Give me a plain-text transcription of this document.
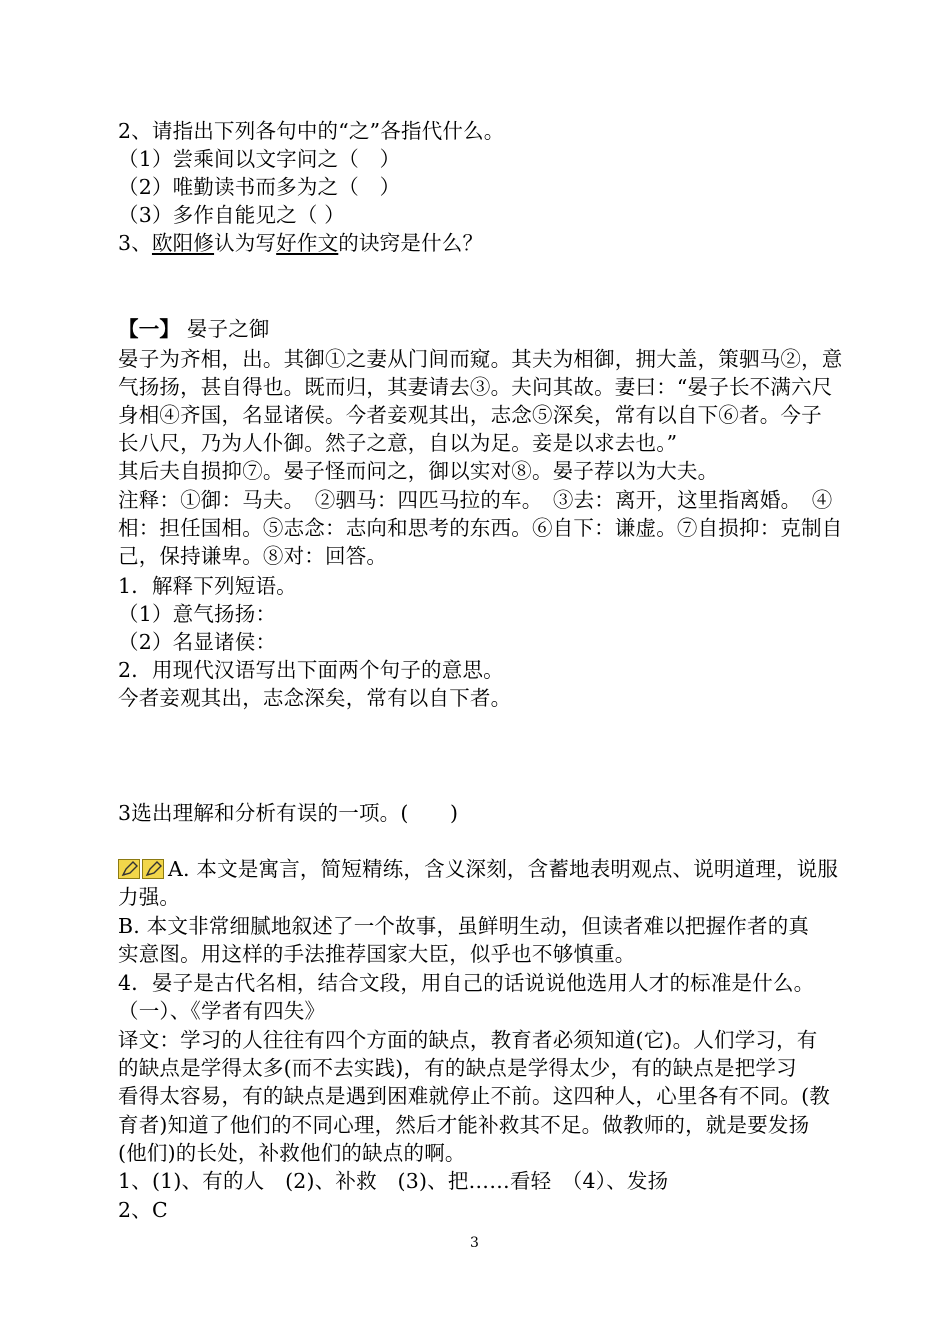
2、请指出下列各句中的“之”各指代什么。
（1）尝乘间以文字问之（　）
（2）唯勤读书而多为之（　）
（3）多作自能见之（ ）
3、欧阳修认为写好作文的诀窍是什么？
【一】 晏子之御
晏子为齐相，出。其御①之妻从门间而窥。其夫为相御，拥大盖，策驷马②，意
气扬扬，甚自得也。既而归，其妻请去③。夫问其故。妻曰：“晏子长不满六尺
身相④齐国，名显诸侯。今者妾观其出，志念⑤深矣，常有以自下⑥者。今子
长八尺，乃为人仆御。然子之意，自以为足。妾是以求去也。”
其后夫自损抑⑦。晏子怪而问之，御以实对⑧。晏子荐以为大夫。
注释：①御：马夫。　②驷马：四匹马拉的车。　③去：离开，这里指离婚。　④
相：担任国相。⑤志念：志向和思考的东西。⑥自下：谦虚。⑦自损抑：克制自
己，保持谦卑。⑧对：回答。
1．解释下列短语。
（1）意气扬扬：
（2）名显诸侯：
2．用现代汉语写出下面两个句子的意思。
今者妾观其出，志念深矣，常有以自下者。
3选出理解和分析有误的一项。(　　)
A. 本文是寓言，简短精练，含义深刻，含蓄地表明观点、说明道理，说服
力强。
B. 本文非常细腻地叙述了一个故事，虽鲜明生动，但读者难以把握作者的真
实意图。用这样的手法推荐国家大臣，似乎也不够慎重。
4．晏子是古代名相，结合文段，用自己的话说说他选用人才的标准是什么。
（一）、《学者有四失》
译文：学习的人往往有四个方面的缺点，教育者必须知道(它)。人们学习，有
的缺点是学得太多(而不去实践)，有的缺点是学得太少，有的缺点是把学习
看得太容易，有的缺点是遇到困难就停止不前。这四种人，心里各有不同。(教
育者)知道了他们的不同心理，然后才能补救其不足。做教师的，就是要发扬
(他们)的长处，补救他们的缺点的啊。
1、(1)、有的人　(2)、补救　(3)、把……看轻　（4）、发扬
2、C
3
